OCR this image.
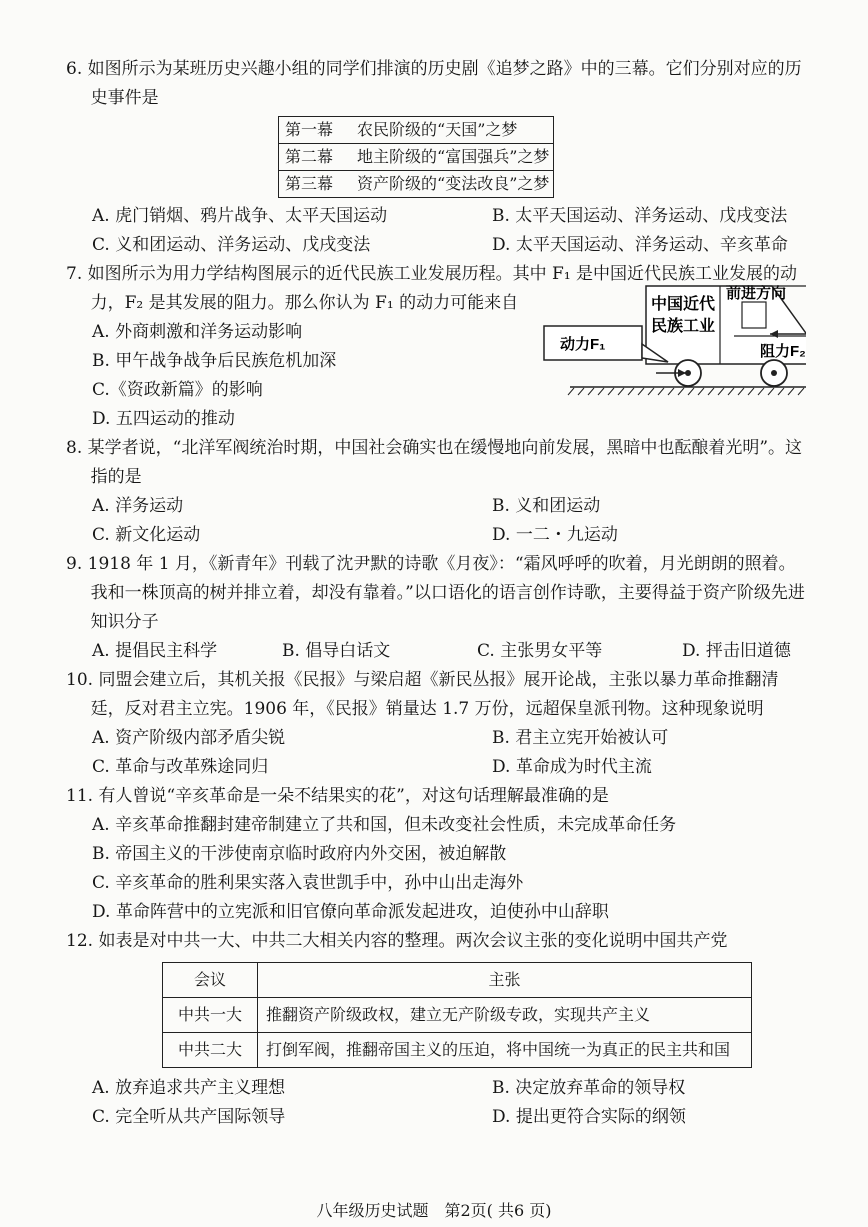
6. 如图所示为某班历史兴趣小组的同学们排演的历史剧《追梦之路》中的三幕。它们分别对应的历史事件是
第一幕	农民阶级的“天国”之梦
第二幕	地主阶级的“富国强兵”之梦
第三幕	资产阶级的“变法改良”之梦
A. 虎门销烟、鸦片战争、太平天国运动	B. 太平天国运动、洋务运动、戊戌变法
C. 义和团运动、洋务运动、戊戌变法	D. 太平天国运动、洋务运动、辛亥革命
7. 如图所示为用力学结构图展示的近代民族工业发展历程。其中 F₁ 是中国近代民族工业发展的动力，F₂ 是其发展的阻力。那么你认为 F₁ 的动力可能来自
A. 外商刺激和洋务运动影响
B. 甲午战争战争后民族危机加深
C.《资政新篇》的影响
D. 五四运动的推动
中国近代
民族工业
前进方向
动力F₁	阻力F₂
8. 某学者说，“北洋军阀统治时期，中国社会确实也在缓慢地向前发展，黑暗中也酝酿着光明”。这指的是
A. 洋务运动	B. 义和团运动
C. 新文化运动	D. 一二・九运动
9. 1918 年 1 月，《新青年》刊载了沈尹默的诗歌《月夜》：“霜风呼呼的吹着，月光朗朗的照着。我和一株顶高的树并排立着，却没有靠着。”以口语化的语言创作诗歌，主要得益于资产阶级先进知识分子
A. 提倡民主科学	B. 倡导白话文	C. 主张男女平等	D. 抨击旧道德
10. 同盟会建立后，其机关报《民报》与梁启超《新民丛报》展开论战，主张以暴力革命推翻清廷，反对君主立宪。1906 年，《民报》销量达 1.7 万份，远超保皇派刊物。这种现象说明
A. 资产阶级内部矛盾尖锐	B. 君主立宪开始被认可
C. 革命与改革殊途同归	D. 革命成为时代主流
11. 有人曾说“辛亥革命是一朵不结果实的花”，对这句话理解最准确的是
A. 辛亥革命推翻封建帝制建立了共和国，但未改变社会性质，未完成革命任务
B. 帝国主义的干涉使南京临时政府内外交困，被迫解散
C. 辛亥革命的胜利果实落入袁世凯手中，孙中山出走海外
D. 革命阵营中的立宪派和旧官僚向革命派发起进攻，迫使孙中山辞职
12. 如表是对中共一大、中共二大相关内容的整理。两次会议主张的变化说明中国共产党
会议	主张
中共一大	推翻资产阶级政权，建立无产阶级专政，实现共产主义
中共二大	打倒军阀，推翻帝国主义的压迫，将中国统一为真正的民主共和国
A. 放弃追求共产主义理想	B. 决定放弃革命的领导权
C. 完全听从共产国际领导	D. 提出更符合实际的纲领
八年级历史试题　第2页( 共6 页)
